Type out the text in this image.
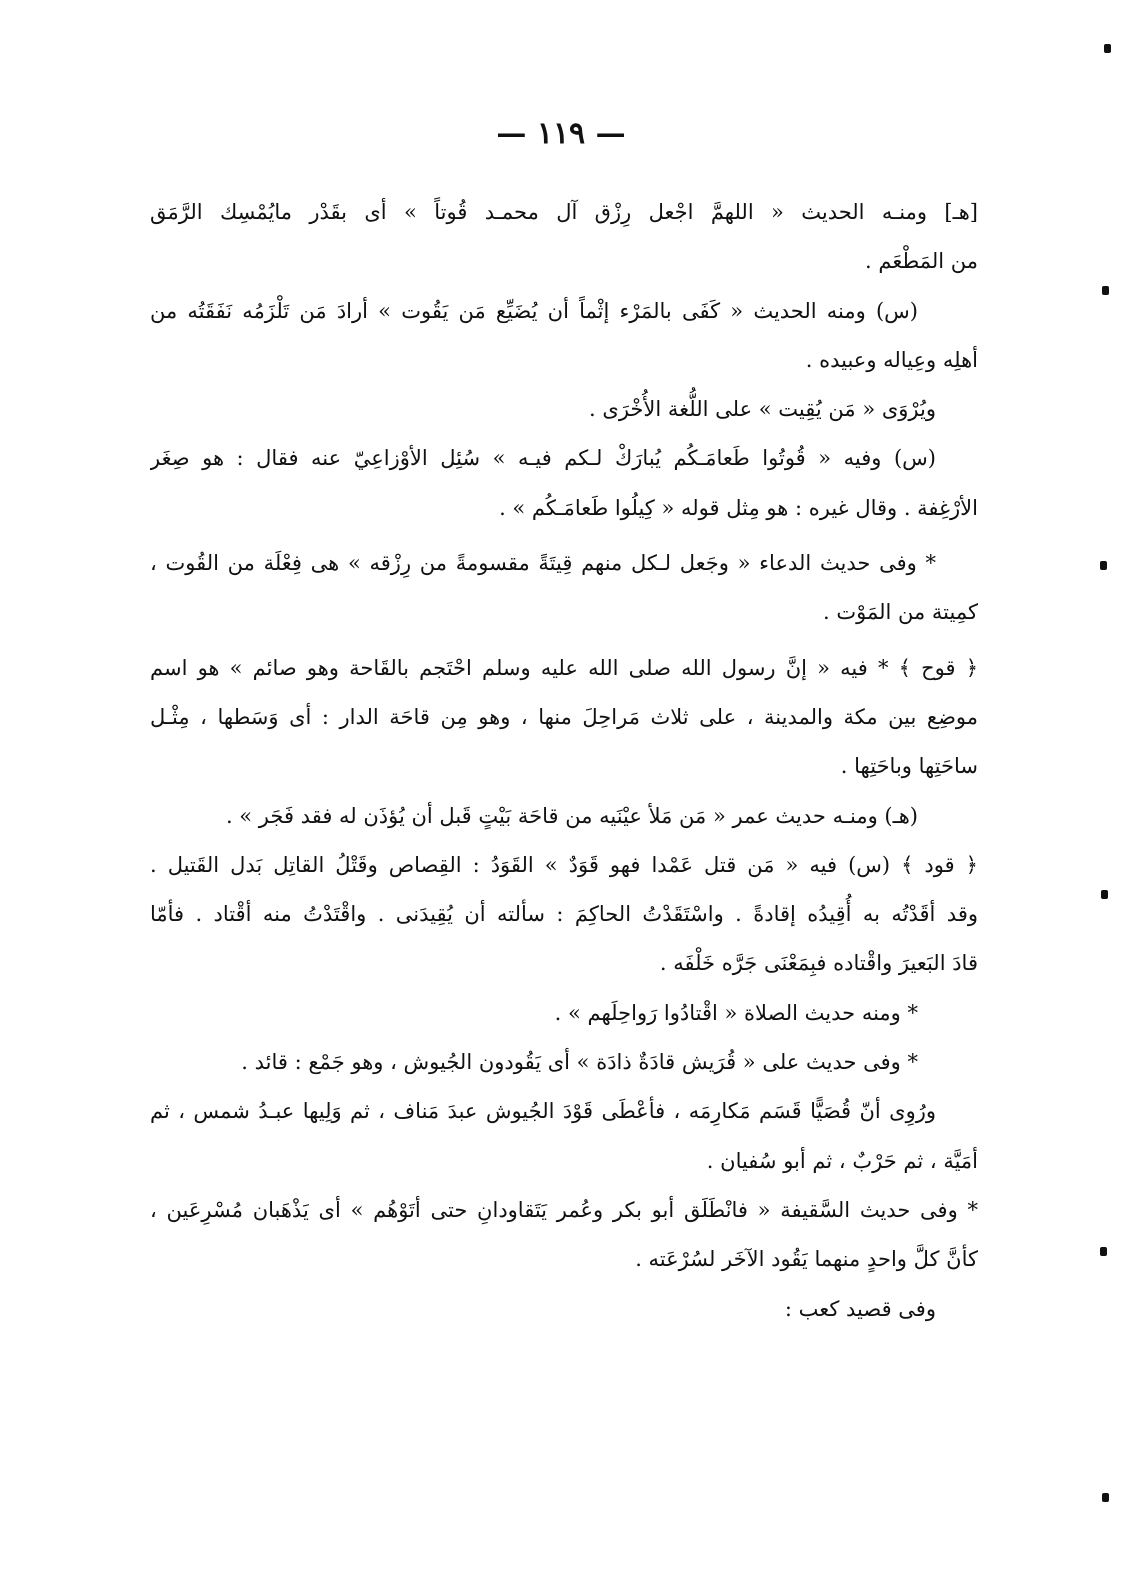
— ١١٩ —
[هـ] ومنـه الحديث « اللهمَّ اجْعل رِزْق آل محمـد قُوتاً » أى بقَدْر مايُمْسِك الرَّمَق
من المَطْعَم .
(س) ومنه الحديث « كَفَى بالمَرْء إثْماً أن يُضَيِّع مَن يَقُوت » أرادَ مَن تَلْزَمُه نَفَقَتُه من
أهلِه وعِياله وعبيده .
ويُرْوَى « مَن يُقِيت » على اللُّغة الأُخْرَى .
(س) وفيه « قُوتُوا طَعامَـكُم يُبارَكْ لـكم فيـه » سُئِل الأوْزاعِيّ عنه فقال : هو صِغَر
الأرْغِفة . وقال غيره : هو مِثل قوله « كِيلُوا طَعامَـكُم » .
* وفى حديث الدعاء « وجَعل لـكل منهم قِيتَةً مقسومةً من رِزْقه » هى فِعْلَة من القُوت ،
كمِيتة من المَوْت .
﴿ قوح ﴾ * فيه « إنَّ رسول الله صلى الله عليه وسلم احْتَجم بالقَاحة وهو صائم » هو اسم
موضِع بين مكة والمدينة ، على ثلاث مَراحِلَ منها ، وهو مِن قاحَة الدار : أى وَسَطها ، مِثْـل
ساحَتِها وباحَتِها .
(هـ) ومنـه حديث عمر « مَن مَلأ عيْنَيه من قاحَة بَيْتٍ قَبل أن يُؤذَن له فقد فَجَر » .
﴿ قود ﴾ (س) فيه « مَن قتل عَمْدا فهو قَوَدٌ » القَوَدُ : القِصاص وقَتْلُ القاتِل بَدل القَتيل .
وقد أقَدْتُه به أُقِيدُه إقادةً . واسْتَقَدْتُ الحاكِمَ : سألته أن يُقِيدَنى . واقْتَدْتُ منه أقْتاد . فأمّا
قادَ البَعيرَ واقْتاده فبِمَعْنَى جَرَّه خَلْفَه .
* ومنه حديث الصلاة « اقْتادُوا رَواحِلَهم » .
* وفى حديث على « قُرَيش قادَةٌ ذادَة » أى يَقُودون الجُيوش ، وهو جَمْع : قائد .
ورُوِى أنّ قُصَيًّا قَسَم مَكارِمَه ، فأعْطَى قَوْدَ الجُيوش عبدَ مَناف ، ثم وَلِيها عبـدُ شمس ، ثم
أمَيَّة ، ثم حَرْبٌ ، ثم أبو سُفيان .
* وفى حديث السَّقيفة « فانْطَلَق أبو بكر وعُمر يَتَقاودانِ حتى أتَوْهُم » أى يَذْهَبان مُسْرِعَين ،
كأنَّ كلَّ واحدٍ منهما يَقُود الآخَر لسُرْعَته .
وفى قصيد كعب :
